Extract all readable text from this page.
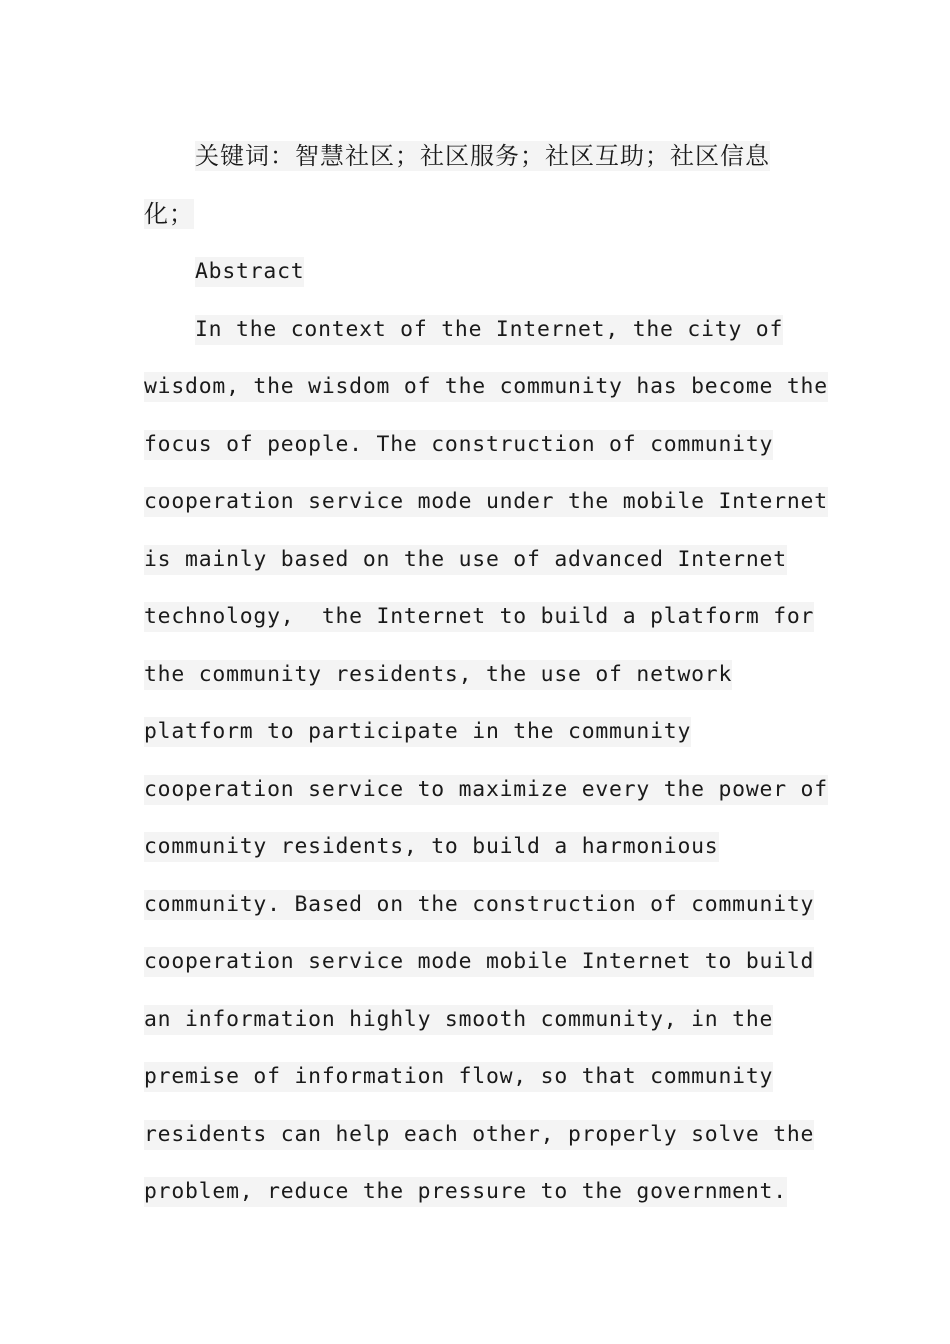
关键词：智慧社区；社区服务；社区互助；社区信息
化；
Abstract
In the context of the Internet, the city of
wisdom, the wisdom of the community has become the
focus of people. The construction of community
cooperation service mode under the mobile Internet
is mainly based on the use of advanced Internet
technology,  the Internet to build a platform for
the community residents, the use of network
platform to participate in the community
cooperation service to maximize every the power of
community residents, to build a harmonious
community. Based on the construction of community
cooperation service mode mobile Internet to build
an information highly smooth community, in the
premise of information flow, so that community
residents can help each other, properly solve the
problem, reduce the pressure to the government.
